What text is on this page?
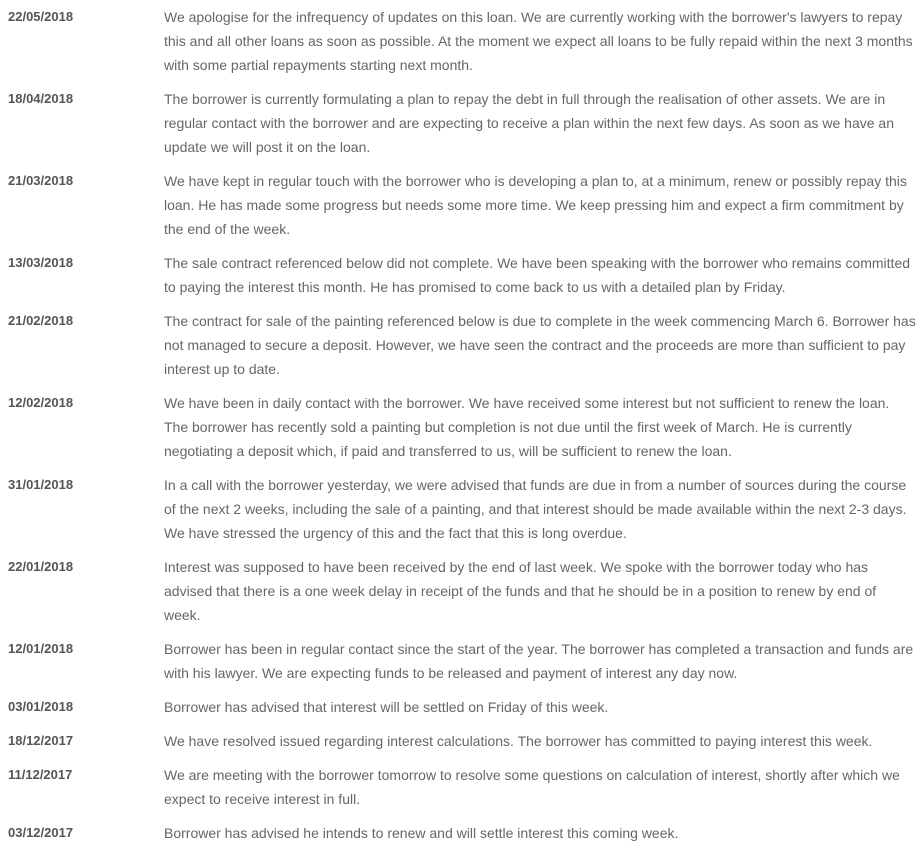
22/05/2018	We apologise for the infrequency of updates on this loan. We are currently working with the borrower's lawyers to repay this and all other loans as soon as possible. At the moment we expect all loans to be fully repaid within the next 3 months with some partial repayments starting next month.
18/04/2018	The borrower is currently formulating a plan to repay the debt in full through the realisation of other assets. We are in regular contact with the borrower and are expecting to receive a plan within the next few days. As soon as we have an update we will post it on the loan.
21/03/2018	We have kept in regular touch with the borrower who is developing a plan to, at a minimum, renew or possibly repay this loan. He has made some progress but needs some more time. We keep pressing him and expect a firm commitment by the end of the week.
13/03/2018	The sale contract referenced below did not complete. We have been speaking with the borrower who remains committed to paying the interest this month. He has promised to come back to us with a detailed plan by Friday.
21/02/2018	The contract for sale of the painting referenced below is due to complete in the week commencing March 6. Borrower has not managed to secure a deposit. However, we have seen the contract and the proceeds are more than sufficient to pay interest up to date.
12/02/2018	We have been in daily contact with the borrower. We have received some interest but not sufficient to renew the loan. The borrower has recently sold a painting but completion is not due until the first week of March. He is currently negotiating a deposit which, if paid and transferred to us, will be sufficient to renew the loan.
31/01/2018	In a call with the borrower yesterday, we were advised that funds are due in from a number of sources during the course of the next 2 weeks, including the sale of a painting, and that interest should be made available within the next 2-3 days. We have stressed the urgency of this and the fact that this is long overdue.
22/01/2018	Interest was supposed to have been received by the end of last week. We spoke with the borrower today who has advised that there is a one week delay in receipt of the funds and that he should be in a position to renew by end of week.
12/01/2018	Borrower has been in regular contact since the start of the year. The borrower has completed a transaction and funds are with his lawyer. We are expecting funds to be released and payment of interest any day now.
03/01/2018	Borrower has advised that interest will be settled on Friday of this week.
18/12/2017	We have resolved issued regarding interest calculations. The borrower has committed to paying interest this week.
11/12/2017	We are meeting with the borrower tomorrow to resolve some questions on calculation of interest, shortly after which we expect to receive interest in full.
03/12/2017	Borrower has advised he intends to renew and will settle interest this coming week.
